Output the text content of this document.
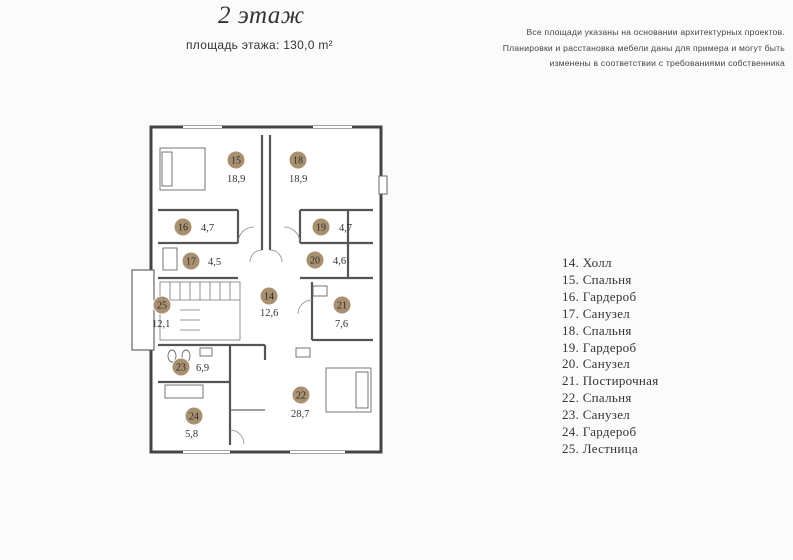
2 этаж
площадь этажа: 130,0 m²
Все площади указаны на основании архитектурных проектов.
Планировки и расстановка мебели даны для примера и могут быть
изменены в соответствии с требованиями собственника
14
12,6
15
18,9
16 4,7
17 4,5
18
18,9
19 4,7
20 4,6
21
7,6
22
28,7
23 6,9
24
5,8
25
12,1
14. Холл
15. Спальня
16. Гардероб
17. Санузел
18. Спальня
19. Гардероб
20. Санузел
21. Постирочная
22. Спальня
23. Санузел
24. Гардероб
25. Лестница
